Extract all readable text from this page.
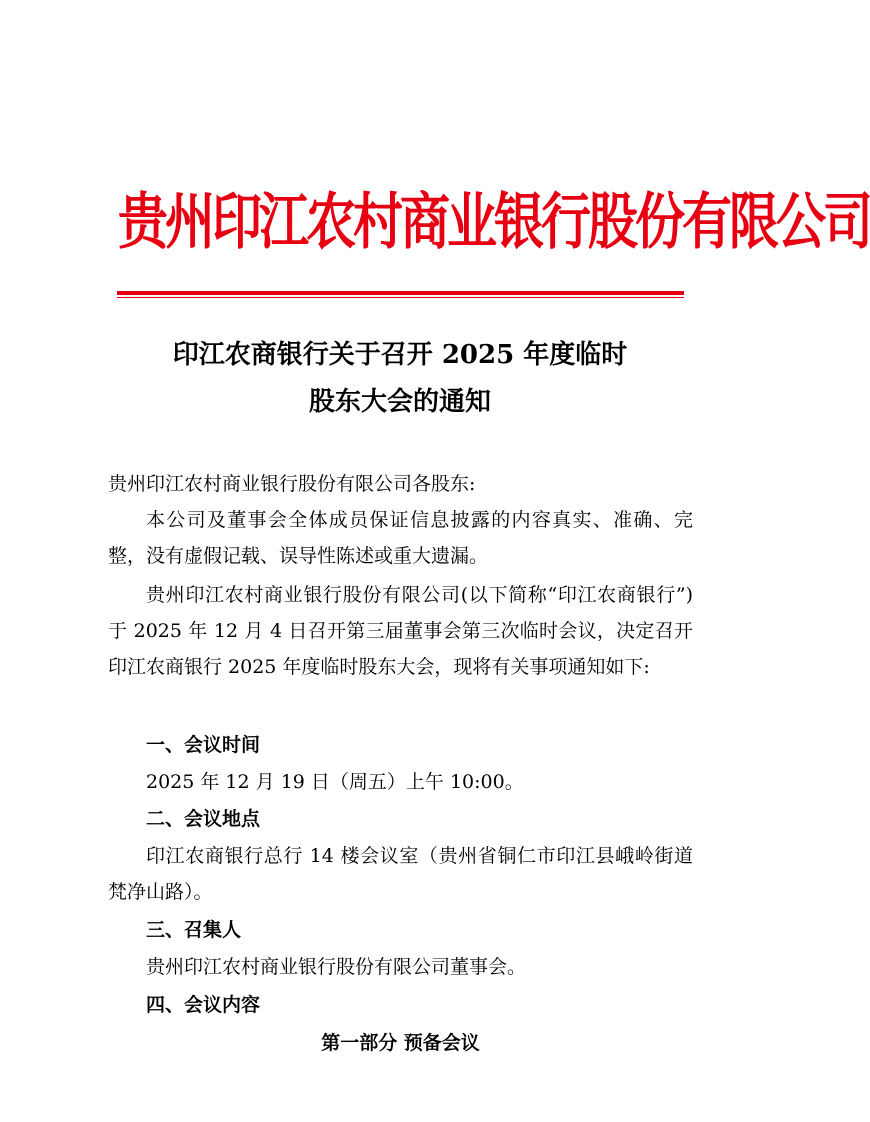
贵州印江农村商业银行股份有限公司
印江农商银行关于召开 2025 年度临时
股东大会的通知
贵州印江农村商业银行股份有限公司各股东:
本公司及董事会全体成员保证信息披露的内容真实、准确、完整，没有虚假记载、误导性陈述或重大遗漏。
贵州印江农村商业银行股份有限公司(以下简称“印江农商银行”)于 2025 年 12 月 4 日召开第三届董事会第三次临时会议，决定召开印江农商银行 2025 年度临时股东大会，现将有关事项通知如下:
一、会议时间
2025 年 12 月 19 日（周五）上午 10:00。
二、会议地点
印江农商银行总行 14 楼会议室（贵州省铜仁市印江县峨岭街道梵净山路）。
三、召集人
贵州印江农村商业银行股份有限公司董事会。
四、会议内容
第一部分 预备会议
